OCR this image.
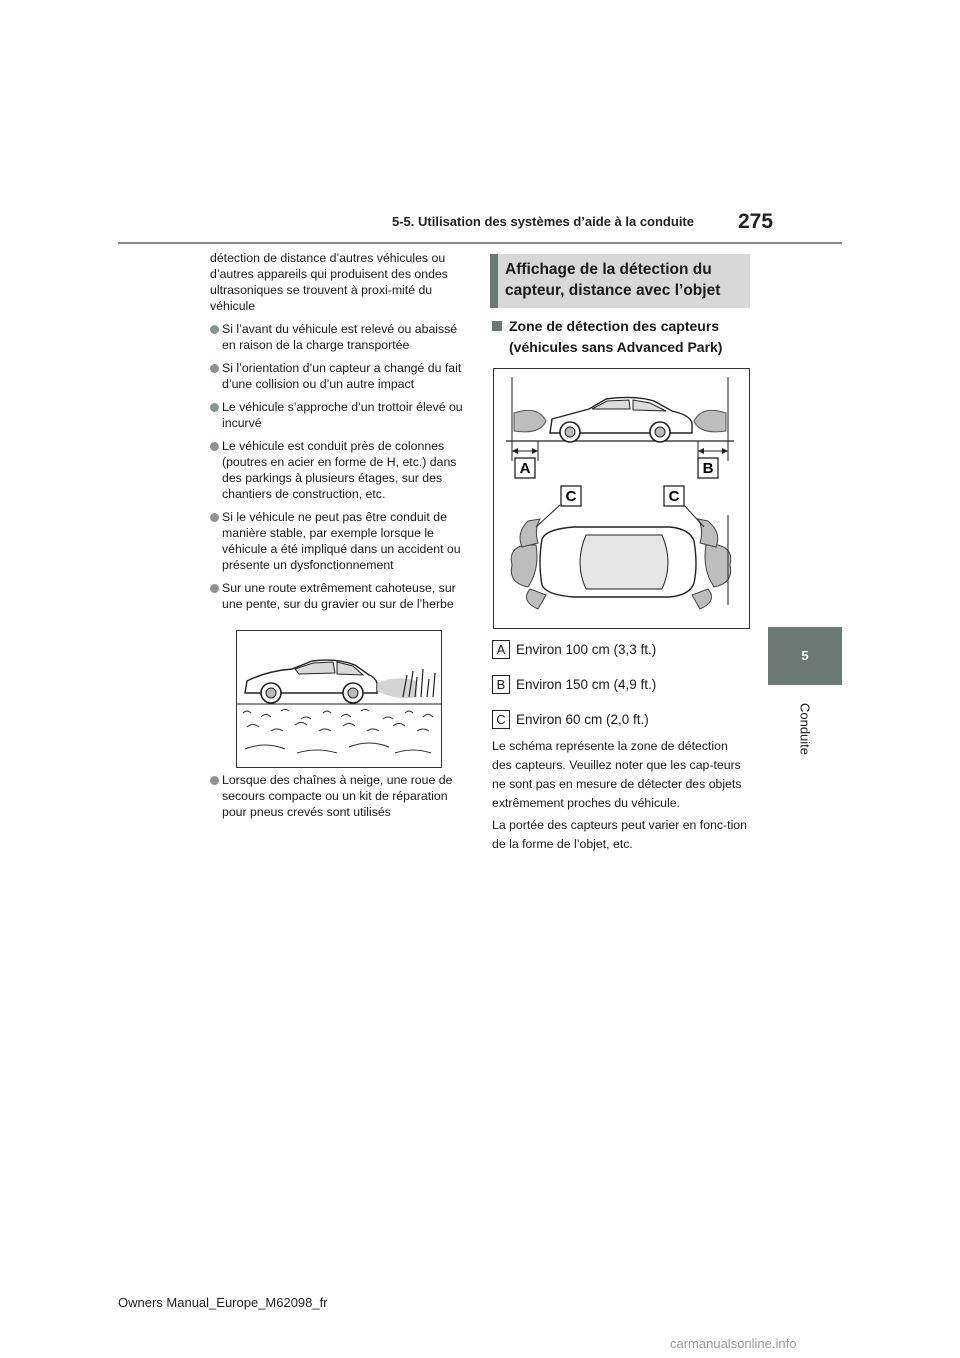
5-5. Utilisation des systèmes d’aide à la conduite 275
5
Conduite

détection de distance d’autres véhicules ou d’autres appareils qui produisent des ondes ultrasoniques se trouvent à proxi-mité du véhicule

Si l’avant du véhicule est relevé ou abaissé en raison de la charge transportée
Si l’orientation d’un capteur a changé du fait d’une collision ou d’un autre impact
Le véhicule s’approche d’un trottoir élevé ou incurvé
Le véhicule est conduit près de colonnes (poutres en acier en forme de H, etc.) dans des parkings à plusieurs étages, sur des chantiers de construction, etc.
Si le véhicule ne peut pas être conduit de manière stable, par exemple lorsque le véhicule a été impliqué dans un accident ou présente un dysfonctionnement
Sur une route extrêmement cahoteuse, sur une pente, sur du gravier ou sur de l’herbe
Lorsque des chaînes à neige, une roue de secours compacte ou un kit de réparation pour pneus crevés sont utilisés
Affichage de la détection du capteur, distance avec l’objet
Zone de détection des capteurs (véhicules sans Advanced Park)
A	B
C	C
A Environ 100 cm (3,3 ft.)
B Environ 150 cm (4,9 ft.)
C Environ 60 cm (2,0 ft.)
Le schéma représente la zone de détection des capteurs. Veuillez noter que les cap-teurs ne sont pas en mesure de détecter des objets extrêmement proches du véhicule.
La portée des capteurs peut varier en fonc-tion de la forme de l’objet, etc.
Owners Manual_Europe_M62098_fr
carmanualsonline.info
